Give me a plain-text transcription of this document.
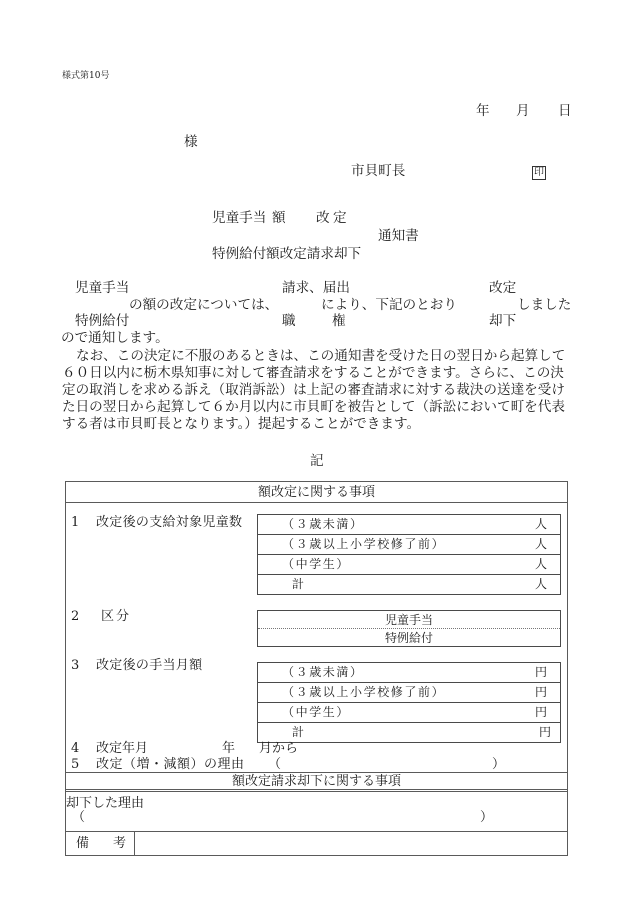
様式第10号
年 月 日
様
市貝町長	印
児童手当 額 改 定
通知書
特例給付 額改定請求却下
児童手当	請求、届出	改定
の額の改定については、	により、下記のとおり	しました
特例給付	職	権	却下
ので通知します。
なお、この決定に不服のあるときは、この通知書を受けた日の翌日から起算して
６０日以内に栃木県知事に対して審査請求をすることができます。さらに、この決
定の取消しを求める訴え（取消訴訟）は上記の審査請求に対する裁決の送達を受け
た日の翌日から起算して６か月以内に市貝町を被告として（訴訟において町を代表
する者は市貝町長となります。）提起することができます。
記
額改定に関する事項
1 改定後の支給対象児童数	（３歳未満）	人
（３歳以上小学校修了前）	人
（中学生）	人
計	人
2 区分	児童手当
特例給付
3 改定後の手当月額	（３歳未満）	円
（３歳以上小学校修了前）	円
（中学生）	円
計	円
4 改定年月	年 月から
5 改定（増・減額）の理由 （	）
額改定請求却下に関する事項
却下した理由
（	）
備 考
